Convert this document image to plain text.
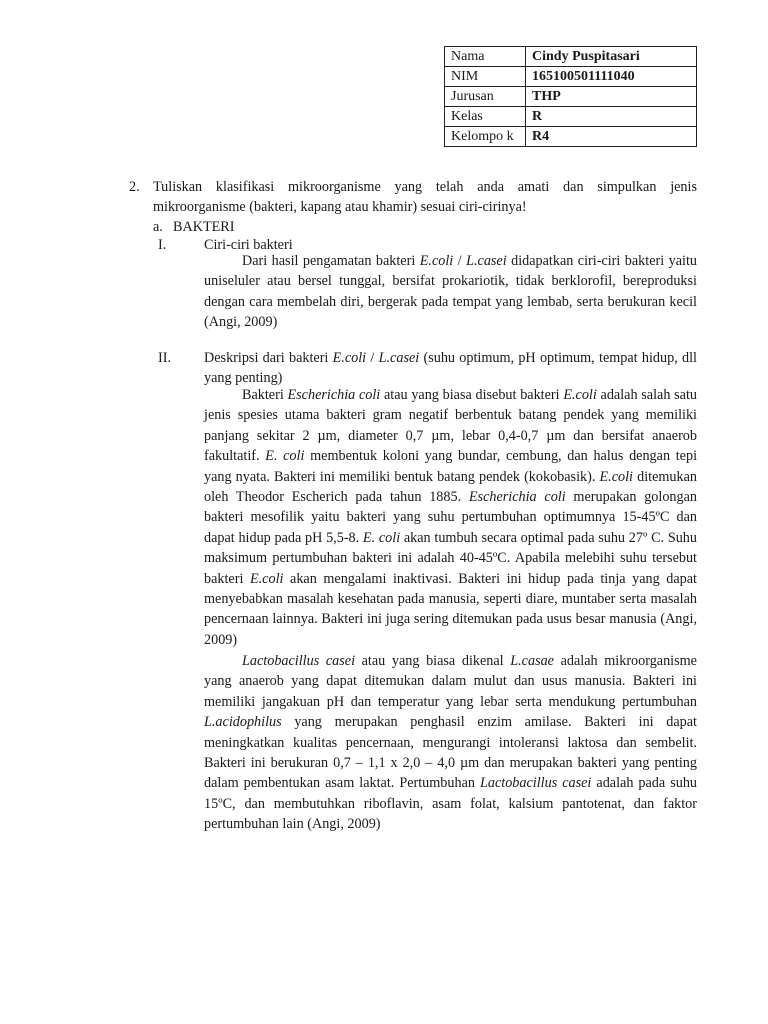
Nama	Cindy Puspitasari
NIM	165100501111040
Jurusan	THP
Kelas	R
Kelompo k	R4
2. Tuliskan klasifikasi mikroorganisme yang telah anda amati dan simpulkan jenis mikroorganisme (bakteri, kapang atau khamir) sesuai ciri-cirinya!
a. BAKTERI
I.	Ciri-ciri bakteri

Dari hasil pengamatan bakteri E.coli / L.casei didapatkan ciri-ciri bakteri yaitu uniseluler atau bersel tunggal, bersifat prokariotik, tidak berklorofil, bereproduksi dengan cara membelah diri, bergerak pada tempat yang lembab, serta berukuran kecil (Angi, 2009)

II. Deskripsi dari bakteri E.coli / L.casei (suhu optimum, pH optimum, tempat hidup, dll yang penting)

Bakteri Escherichia coli atau yang biasa disebut bakteri E.coli adalah salah satu jenis spesies utama bakteri gram negatif berbentuk batang pendek yang memiliki panjang sekitar 2 µm, diameter 0,7 µm, lebar 0,4-0,7 µm dan bersifat anaerob fakultatif. E. coli membentuk koloni yang bundar, cembung, dan halus dengan tepi yang nyata. Bakteri ini memiliki bentuk batang pendek (kokobasik). E.coli ditemukan oleh Theodor Escherich pada tahun 1885. Escherichia coli merupakan golongan bakteri mesofilik yaitu bakteri yang suhu pertumbuhan optimumnya 15-45ºC dan dapat hidup pada pH 5,5-8. E. coli akan tumbuh secara optimal pada suhu 27º C. Suhu maksimum pertumbuhan bakteri ini adalah 40-45ºC. Apabila melebihi suhu tersebut bakteri E.coli akan mengalami inaktivasi. Bakteri ini hidup pada tinja yang dapat menyebabkan masalah kesehatan pada manusia, seperti diare, muntaber serta masalah pencernaan lainnya. Bakteri ini juga sering ditemukan pada usus besar manusia (Angi, 2009)

Lactobacillus casei atau yang biasa dikenal L.casae adalah mikroorganisme yang anaerob yang dapat ditemukan dalam mulut dan usus manusia. Bakteri ini memiliki jangakuan pH dan temperatur yang lebar serta mendukung pertumbuhan L.acidophilus yang merupakan penghasil enzim amilase. Bakteri ini dapat meningkatkan kualitas pencernaan, mengurangi intoleransi laktosa dan sembelit. Bakteri ini berukuran 0,7 – 1,1 x 2,0 – 4,0 µm dan merupakan bakteri yang penting dalam pembentukan asam laktat. Pertumbuhan Lactobacillus casei adalah pada suhu 15ºC, dan membutuhkan riboflavin, asam folat, kalsium pantotenat, dan faktor pertumbuhan lain (Angi, 2009)
